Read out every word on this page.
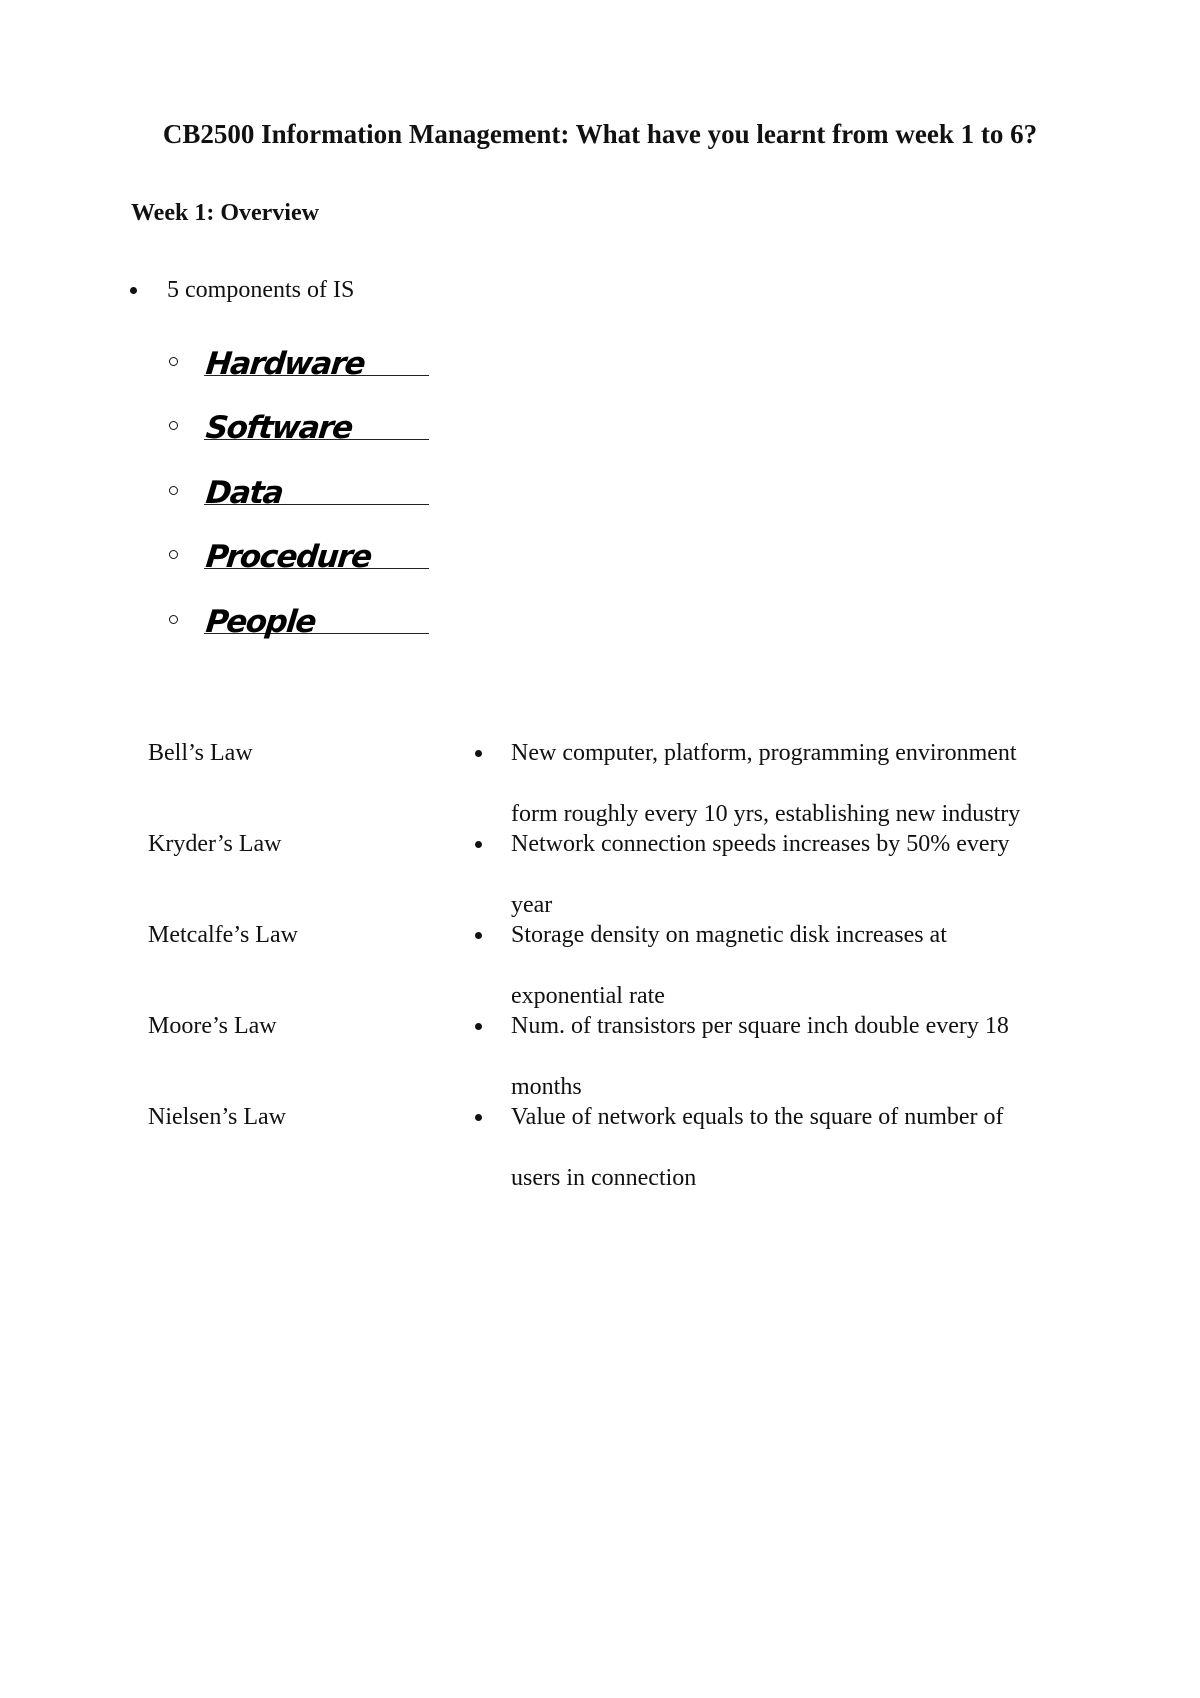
CB2500 Information Management: What have you learnt from week 1 to 6?
Week 1: Overview
5 components of IS
Hardware
Software
Data
Procedure
People
Bell’s Law
Kryder’s Law
Metcalfe’s Law
Moore’s Law
Nielsen’s Law
New computer, platform, programming environment
form roughly every 10 yrs, establishing new industry
Network connection speeds increases by 50% every
year
Storage density on magnetic disk increases at
exponential rate
Num. of transistors per square inch double every 18
months
Value of network equals to the square of number of
users in connection
